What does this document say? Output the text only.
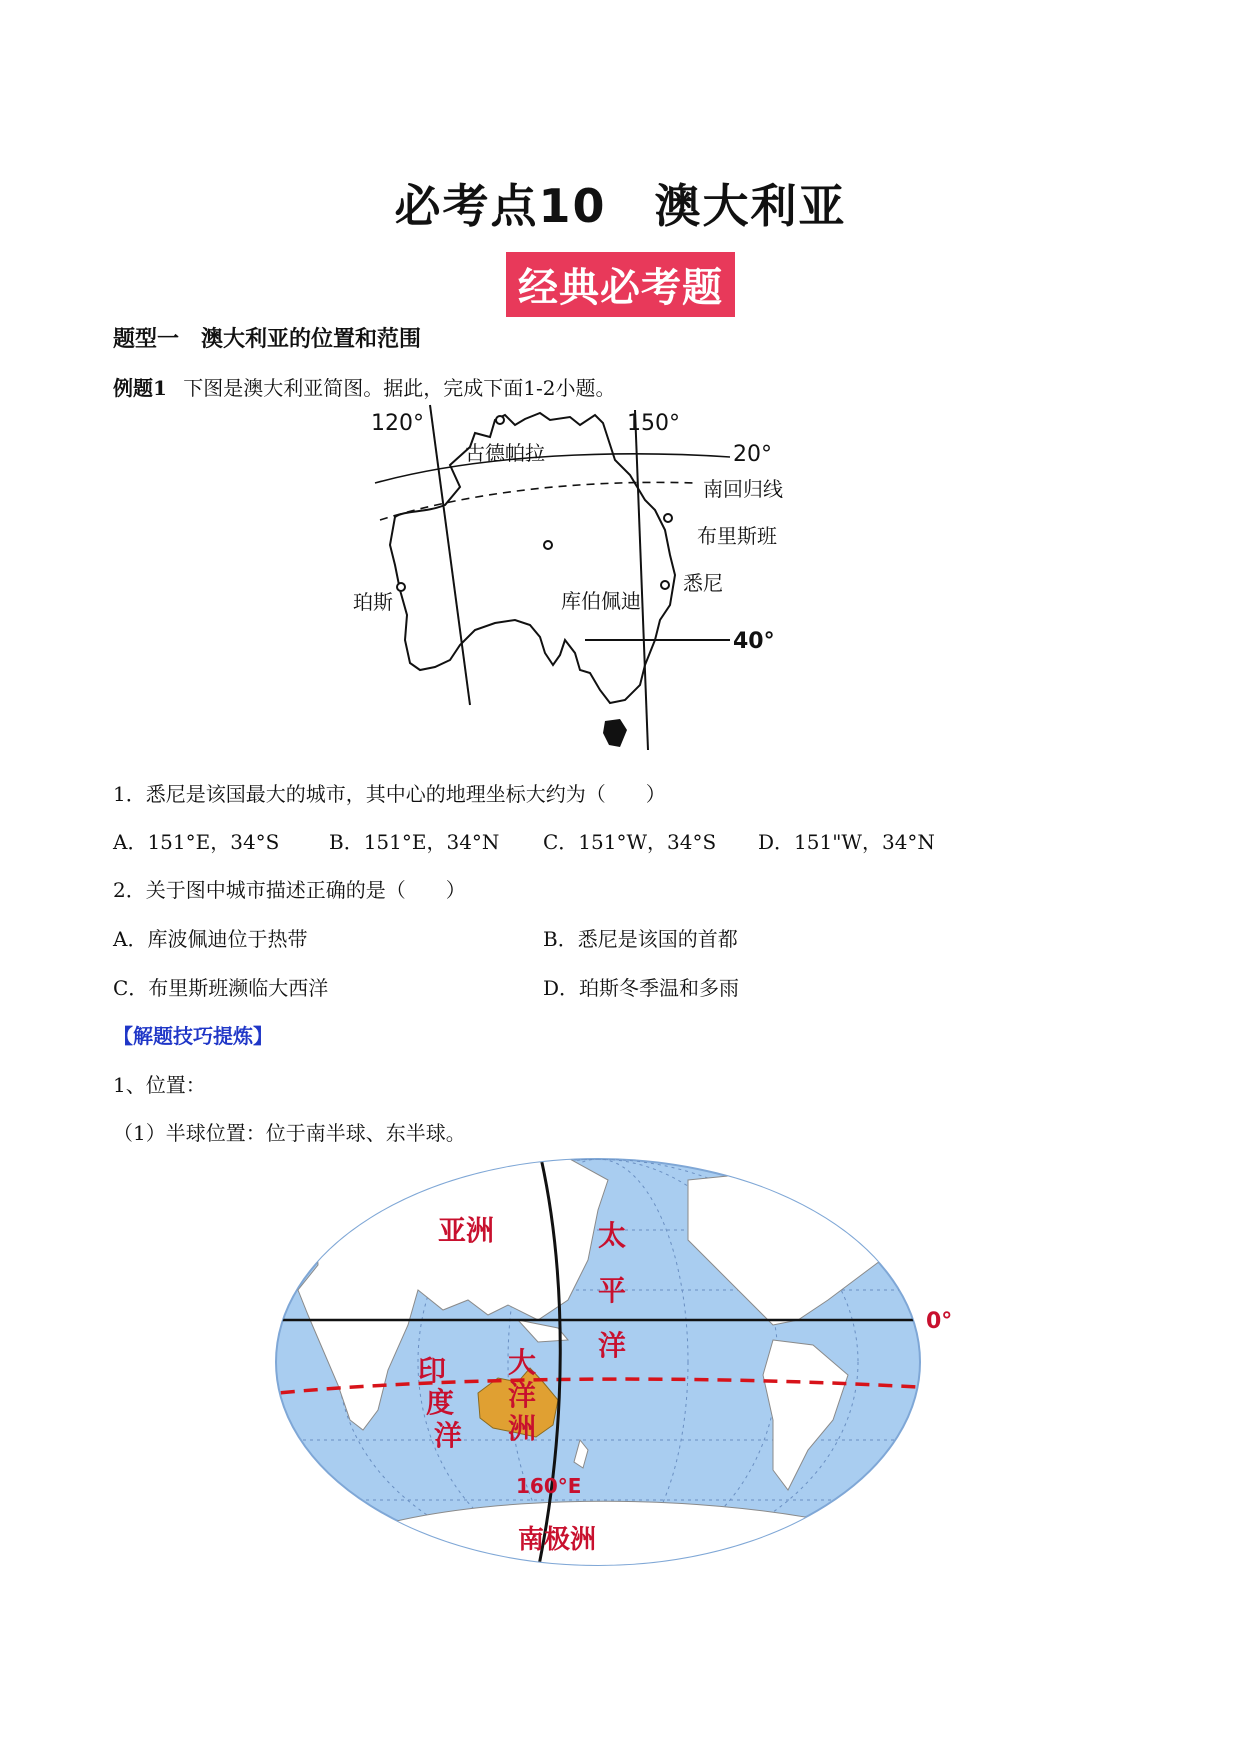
必考点10　澳大利亚
经典必考题
题型一　澳大利亚的位置和范围
例题1 下图是澳大利亚简图。据此，完成下面1-2小题。
120°	150°
20°
40°
南回归线
古德帕拉
布里斯班
库伯佩迪
珀斯
悉尼
1．悉尼是该国最大的城市，其中心的地理坐标大约为（　　）
A．151°E，34°S B．151°E，34°N C．151°W，34°S D．151"W，34°N
2．关于图中城市描述正确的是（　　）
A．库波佩迪位于热带	B．悉尼是该国的首都
C．布里斯班濒临大西洋	D．珀斯冬季温和多雨
【解题技巧提炼】
1、位置：
（1）半球位置：位于南半球、东半球。
亚洲	太
平
洋
印
度
洋
大
洋
洲
160°E
南极洲
0°
